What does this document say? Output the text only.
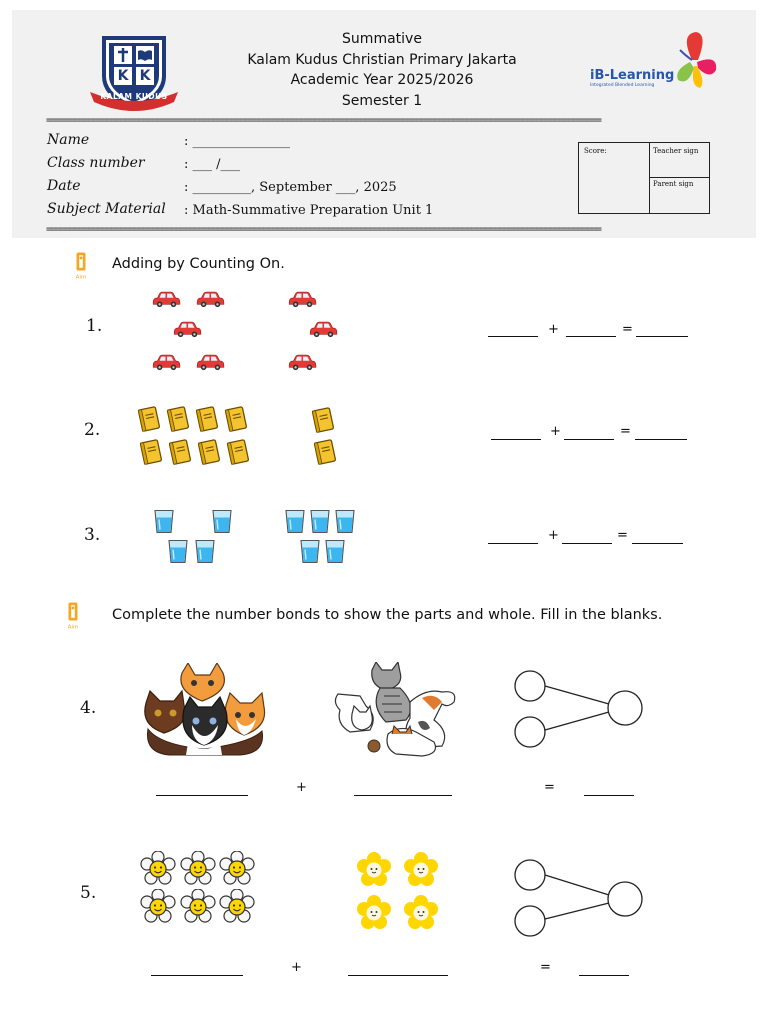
K K
KALAM KUDUS
Summative
Kalam Kudus Christian Primary Jakarta
Academic Year 2025/2026
Semester 1
iB-Learning
Integrated Blended Learning
========================================================================================================================
========================================================================================================================
Name	: _______________
Class number	: ___ /___
Date	: _________, September ___, 2025
Subject Material : Math-Summative Preparation Unit 1
Score:	Teacher sign
Parent sign
Adding by Counting On.
1.	+	=
2.	+	=
3.	+	=
Complete the number bonds to show the parts and whole. Fill in the blanks.
4.
+	=
5.
+	=
